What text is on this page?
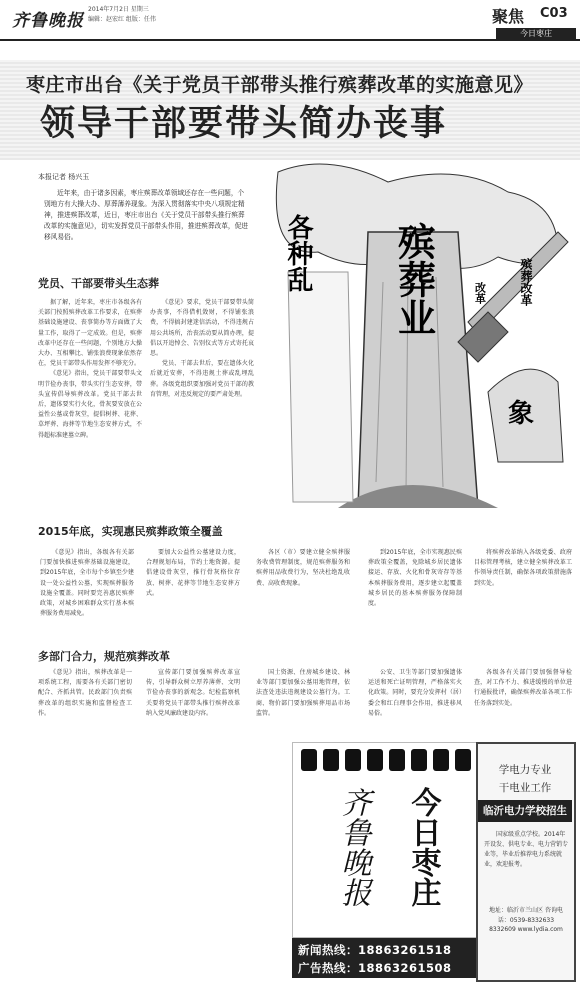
齐鲁晚报
2014年7月2日 星期三
编辑：赵宏红 组版：任伟	聚焦 C03
今日枣庄
枣庄市出台《关于党员干部带头推行殡葬改革的实施意见》
领导干部要带头简办丧事
本报记者 杨兴玉
近年来，由于诸多因素，枣庄殡葬改革领域还存在一些问题，个别地方有大操大办、厚葬薄养现象。为深入贯彻落实中央八项规定精神，推进殡葬改革，近日，枣庄市出台《关于党员干部带头推行殡葬改革的实施意见》，切实发挥党员干部带头作用，推进殡葬改革，促进移风易俗。	殡葬业
各种乱
象
改革	殡葬改革
党员、干部要带头生态葬

据了解，近年来，枣庄市各级各有关部门按照殡葬改革工作要求，在殡葬基础设施建设、丧事简办等方面做了大量工作，取得了一定成效。但是，殡葬改革中还存在一些问题，个别地方大操大办、互相攀比、铺张浪费现象依然存在，党员干部带头作用发挥不够充分。

《意见》指出，党员干部要带头文明节俭办丧事，带头实行生态安葬，带头宣传倡导殡葬改革。党员干部去世后，遗体要实行火化，骨灰要安放在公益性公墓或骨灰堂，提倡树葬、花葬、草坪葬、海葬等节地生态安葬方式，不得超标准建墓立碑。

《意见》要求，党员干部要带头简办丧事，不得借机敛财，不得铺张浪费，不得搞封建迷信活动，不得违规占用公共场所，治丧活动要从简办理，提倡以开追悼会、告别仪式等方式寄托哀思。

党员、干部去世后，要在遗体火化后就近安葬，不得违规土葬或乱埋乱葬。各级党组织要加强对党员干部的教育管理，对违反规定的要严肃处理。

2015年底，实现惠民殡葬政策全覆盖
《意见》指出，各级各有关部门要加快推进殡葬基础设施建设，到2015年底，全市每个乡镇至少建设一处公益性公墓，实现殡葬服务设施全覆盖。同时要完善惠民殡葬政策，对城乡困难群众实行基本殡葬服务费用减免。
要加大公益性公墓建设力度，合理规划布局，节约土地资源。提倡建设骨灰堂，推行骨灰格位存放、树葬、花葬等节地生态安葬方式。
各区（市）要建立健全殡葬服务收费管理制度，规范殡葬服务和殡葬用品收费行为，坚决杜绝乱收费、高收费现象。
到2015年底，全市实现惠民殡葬政策全覆盖，免除城乡居民遗体接运、存放、火化和骨灰寄存等基本殡葬服务费用，逐步建立起覆盖城乡居民的基本殡葬服务保障制度。
将殡葬改革纳入各级党委、政府目标管理考核，建立健全殡葬改革工作领导责任制，确保各项政策措施落到实处。
多部门合力，规范殡葬改革
《意见》指出，殡葬改革是一项系统工程，需要各有关部门密切配合、齐抓共管。民政部门负责殡葬改革的组织实施和监督检查工作。
宣传部门要加强殡葬改革宣传，引导群众树立厚养薄葬、文明节俭办丧事的新观念。纪检监察机关要将党员干部带头推行殡葬改革纳入党风廉政建设内容。
国土资源、住房城乡建设、林业等部门要加强公墓用地管理，依法查处违法违规建设公墓行为。工商、物价部门要加强殡葬用品市场监管。
公安、卫生等部门要加强遗体运送和死亡证明管理，严格落实火化政策。同时，要充分发挥村（居）委会和红白理事会作用，推进移风易俗。
各级各有关部门要加强督导检查，对工作不力、推进缓慢的单位进行通报批评，确保殡葬改革各项工作任务落到实处。
齐鲁晚报 今日枣庄
新闻热线：18863261518
广告热线：18863261508
学电力专业
干电业工作
临沂电力学校招生
国家级重点学校。2014年开设发、供电专业、电力营销专业等，毕业后推荐电力系统就业，欢迎报考。
地址：临沂市兰山区 咨询电话：0539-8332633 8332609 www.lydia.com
